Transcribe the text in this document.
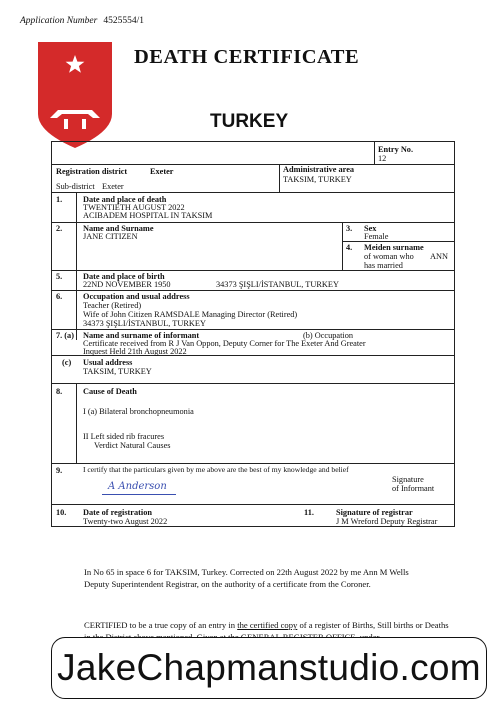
Application Number 4525554/1
DEATH CERTIFICATE
TURKEY
Entry No.
12
Registration district	Exeter
Sub-district Exeter
Administrative area
TAKSIM, TURKEY
1.	Date and place of death
TWENTIETH AUGUST 2022
ACIBADEM HOSPITAL IN TAKSIM
2.	Name and Surname
JANE CITIZEN
3. Sex
Female
4. Meiden surname
of woman who
has married
ANN
5.	Date and place of birth
22ND NOVEMBER 1950	34373 ŞIŞLI/İSTANBUL, TURKEY
6.	Occupation and usual address
Teacher (Retired)
Wife of John Citizen RAMSDALE Managing Director (Retired)
34373 ŞIŞLI/İSTANBUL, TURKEY
7. (a) Name and surname of informant	(b) Occupation
Certificate received from R J Van Oppon, Deputy Corner for The Exeter And Greater
Inquest Held 21th August 2022
(c) Usual address
TAKSIM, TURKEY
8.	Cause of Death
I (a) Bilateral bronchopneumonia
II Left sided rib fracures
Verdict Natural Causes
9.	I certify that the particulars given by me above are the best of my knowledge and belief
A Anderson
Signature
of Informant
10. Date of registration
Twenty-two August 2022
11.	Signature of registrar
J M Wreford Deputy Registrar
In No 65 in space 6 for TAKSIM, Turkey. Corrected on 22th August 2022 by me Ann M Wells Deputy Superintendent Registrar, on the authority of a certificate from the Coroner.
CERTIFIED to be a true copy of an entry in the certified copy of a register of Births, Still births or Deaths
JakeChapmanstudio.com
